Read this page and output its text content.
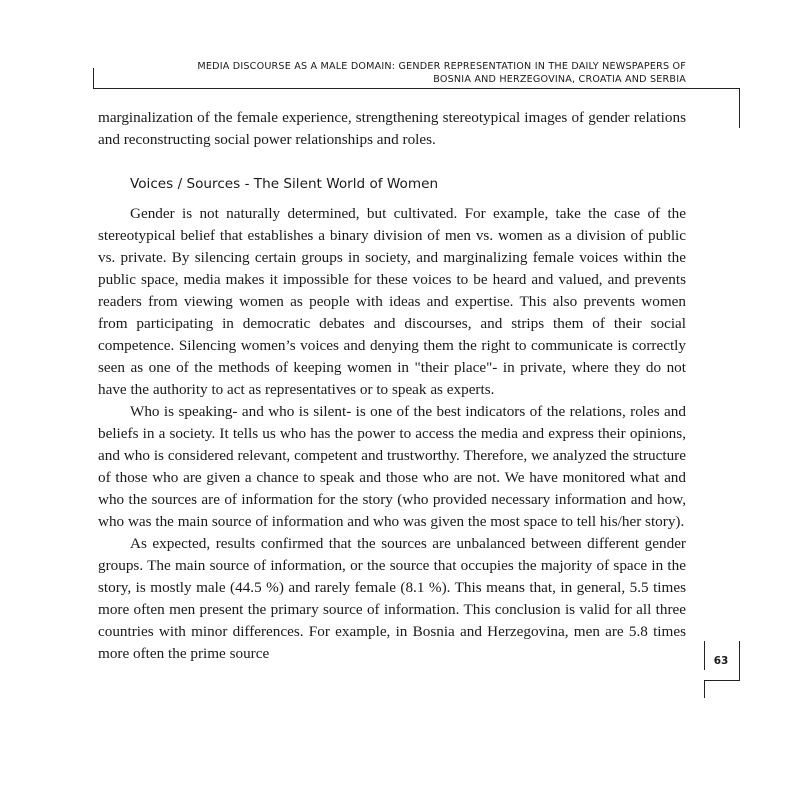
MEDIA DISCOURSE AS A MALE DOMAIN: GENDER REPRESENTATION IN THE DAILY NEWSPAPERS OF
BOSNIA AND HERZEGOVINA, CROATIA AND SERBIA

marginalization of the female experience, strengthening stereotypical images of gender relations and reconstructing social power relationships and roles.

Voices / Sources - The Silent World of Women

Gender is not naturally determined, but cultivated. For example, take the case of the stereotypical belief that establishes a binary division of men vs. women as a division of public vs. private. By silencing certain groups in society, and marginalizing female voices within the public space, media makes it impossible for these voices to be heard and valued, and prevents readers from viewing women as people with ideas and expertise. This also prevents women from participating in democratic debates and discourses, and strips them of their social competence. Silencing women’s voices and denying them the right to communicate is correctly seen as one of the methods of keeping women in "their place"- in private, where they do not have the authority to act as representatives or to speak as experts.

Who is speaking- and who is silent- is one of the best indicators of the relations, roles and beliefs in a society. It tells us who has the power to access the media and express their opinions, and who is considered relevant, competent and trustworthy. Therefore, we analyzed the structure of those who are given a chance to speak and those who are not. We have monitored what and who the sources are of information for the story (who provided necessary information and how, who was the main source of information and who was given the most space to tell his/her story).

As expected, results confirmed that the sources are unbalanced between different gender groups. The main source of information, or the source that occupies the majority of space in the story, is mostly male (44.5 %) and rarely female (8.1 %). This means that, in general, 5.5 times more often men present the primary source of information. This conclusion is valid for all three countries with minor differences. For example, in Bosnia and Herzegovina, men are 5.8 times more often the prime source	63
